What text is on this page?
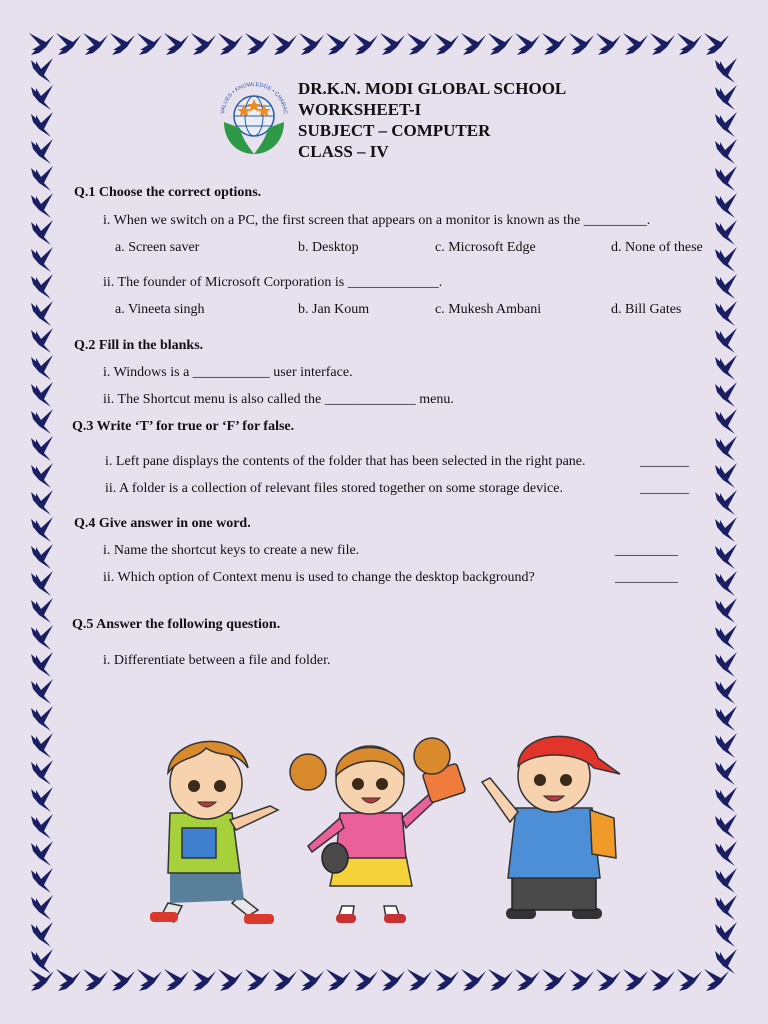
VALUES • KNOWLEDGE • CHARAC
DR.K.N. MODI GLOBAL SCHOOL
WORKSHEET-I
SUBJECT – COMPUTER
CLASS – IV
Q.1 Choose the correct options.
i. When we switch on a PC, the first screen that appears on a monitor is known as the _________.
a. Screen saver	b. Desktop	c. Microsoft Edge	d. None of these
ii. The founder of Microsoft Corporation is _____________.
a. Vineeta singh	b. Jan Koum	c. Mukesh Ambani	d. Bill Gates
Q.2 Fill in the blanks.
i. Windows is a ___________ user interface.
ii. The Shortcut menu is also called the _____________ menu.
Q.3 Write ‘T’ for true or ‘F’ for false.
i. Left pane displays the contents of the folder that has been selected in the right pane.	_______
ii. A folder is a collection of relevant files stored together on some storage device.	_______
Q.4 Give answer in one word.
i. Name the shortcut keys to create a new file.	_________
ii. Which option of Context menu is used to change the desktop background?	_________
Q.5 Answer the following question.
i. Differentiate between a file and folder.
